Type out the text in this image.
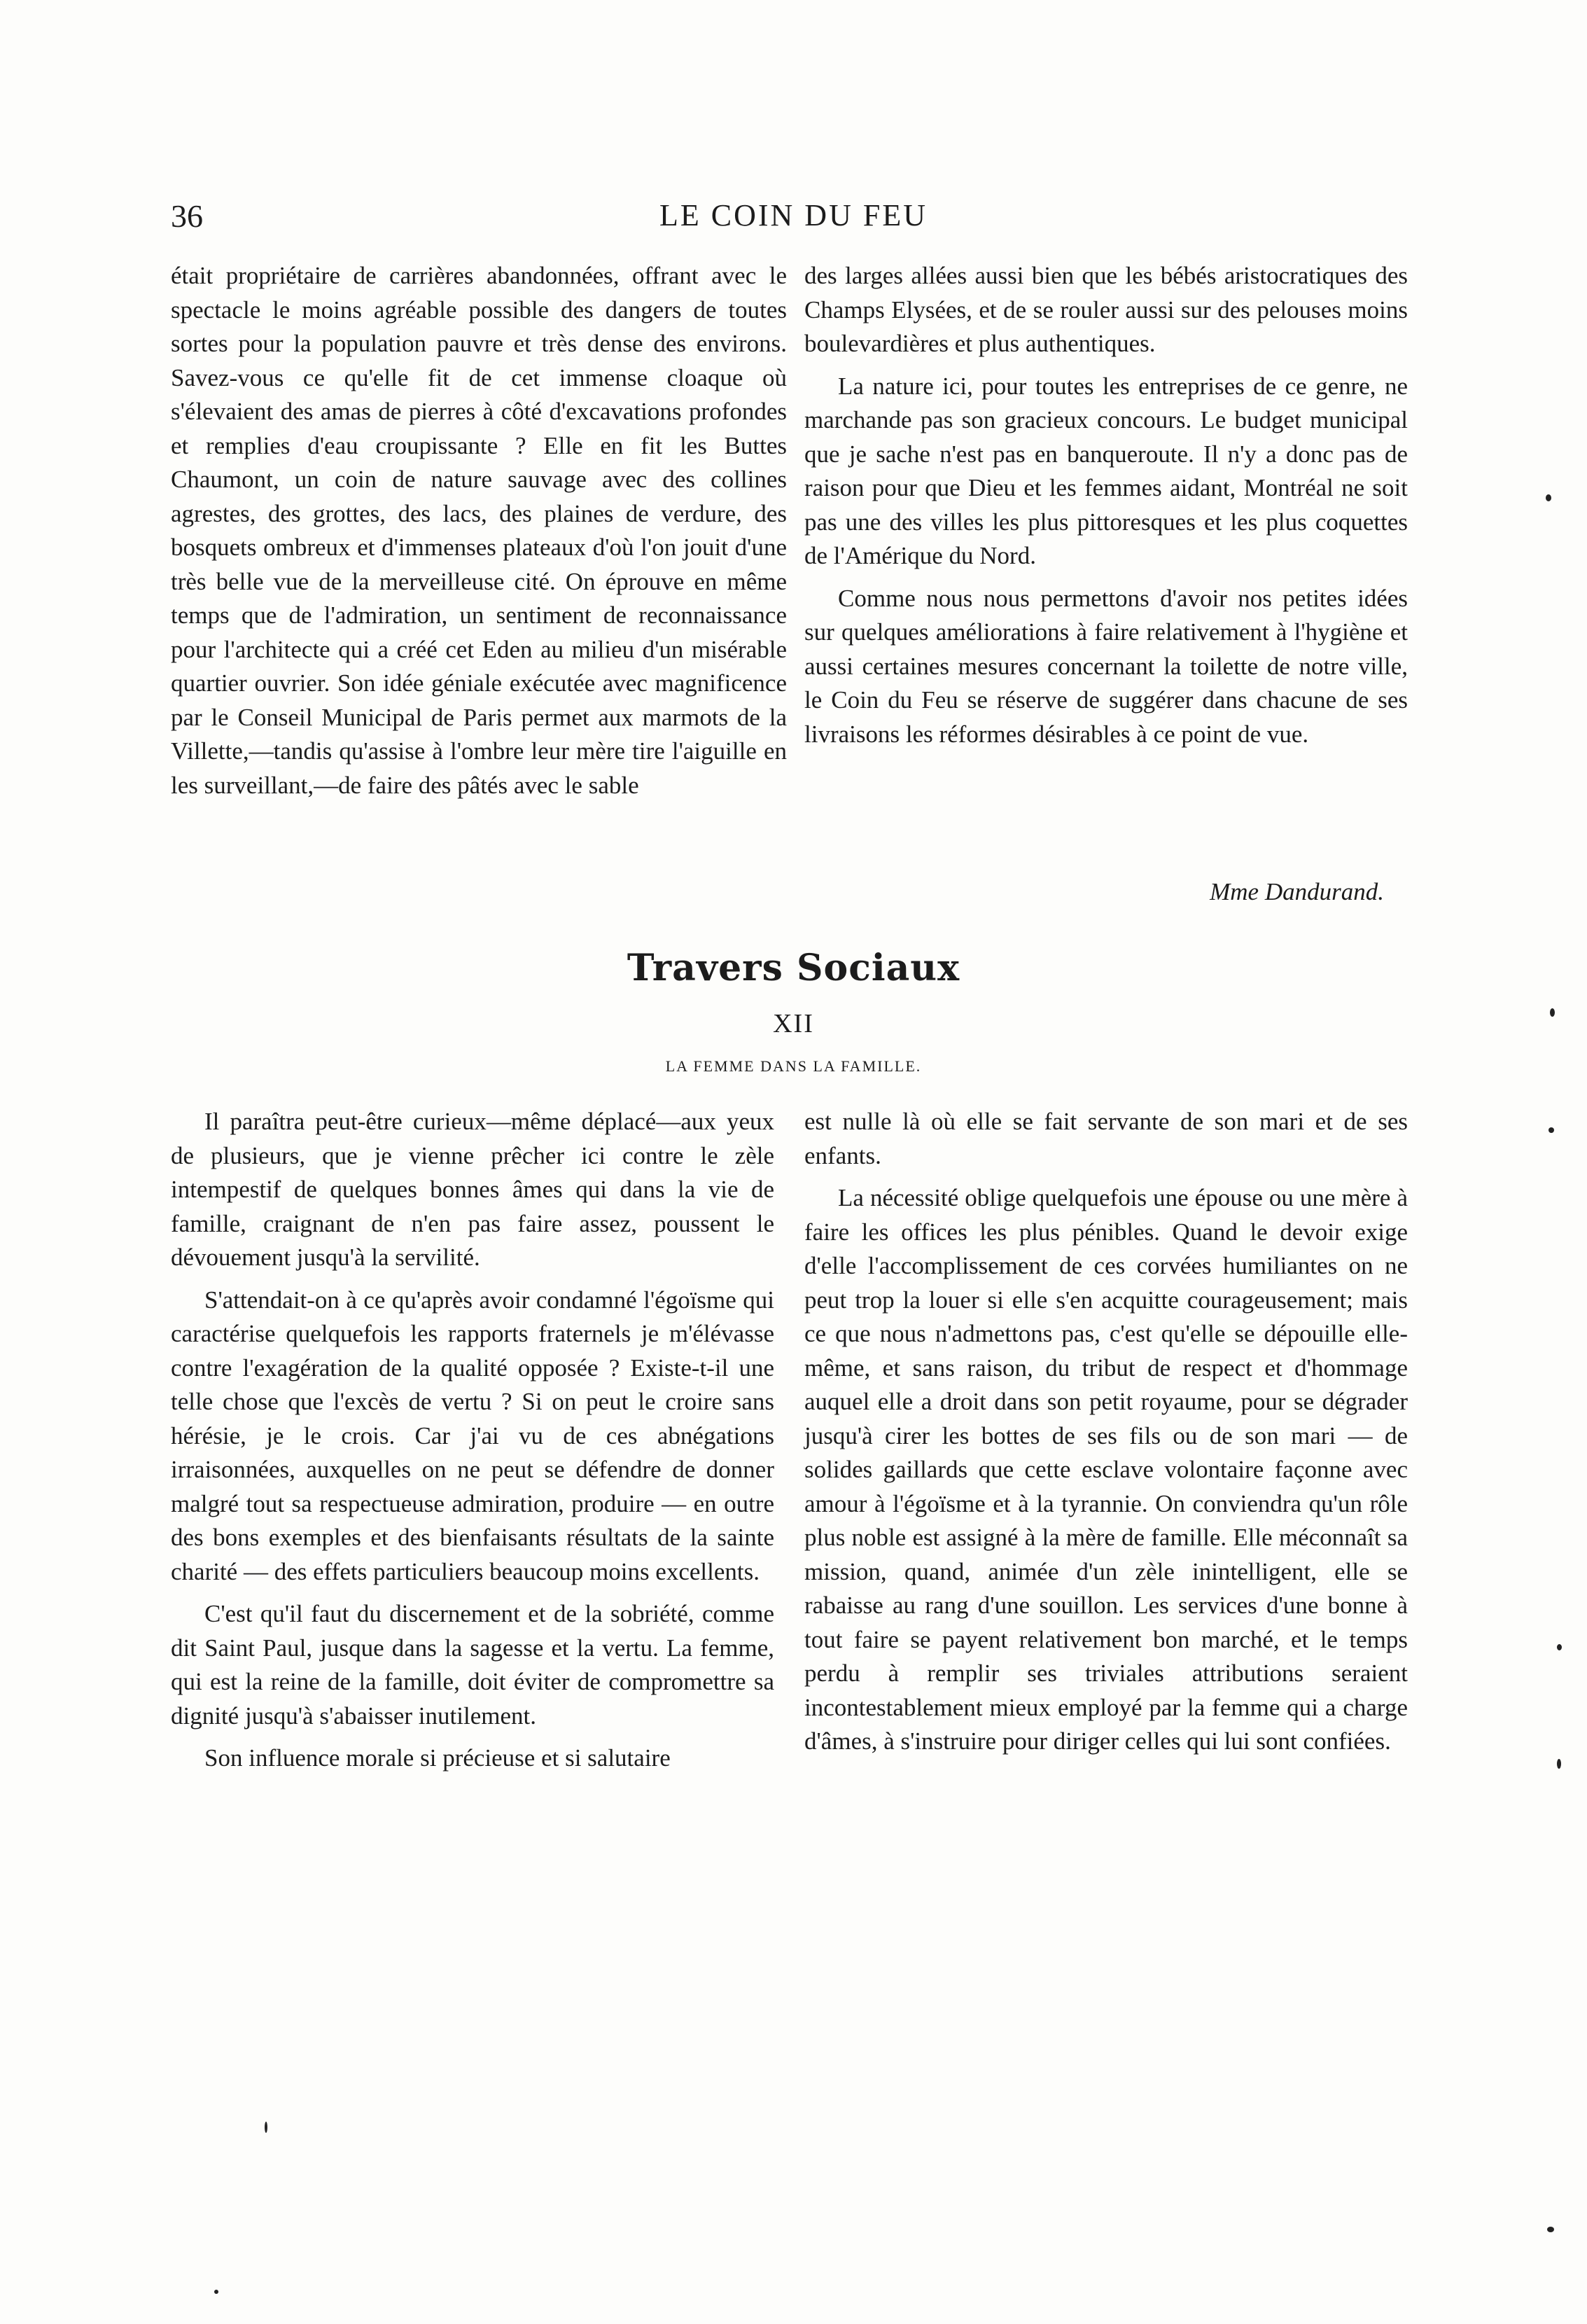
36	LE COIN DU FEU

était propriétaire de carrières abandonnées, offrant avec le spectacle le moins agréable possible des dangers de toutes sortes pour la population pauvre et très dense des environs. Savez-vous ce qu'elle fit de cet immense cloaque où s'élevaient des amas de pierres à côté d'excavations profondes et remplies d'eau croupissante ? Elle en fit les Buttes Chaumont, un coin de nature sauvage avec des collines agrestes, des grottes, des lacs, des plaines de verdure, des bosquets ombreux et d'immenses plateaux d'où l'on jouit d'une très belle vue de la merveilleuse cité. On éprouve en même temps que de l'admiration, un sentiment de reconnaissance pour l'architecte qui a créé cet Eden au milieu d'un misérable quartier ouvrier. Son idée géniale exécutée avec magnificence par le Conseil Municipal de Paris permet aux marmots de la Villette,—tandis qu'assise à l'ombre leur mère tire l'aiguille en les surveillant,—de faire des pâtés avec le sable

des larges allées aussi bien que les bébés aristocratiques des Champs Elysées, et de se rouler aussi sur des pelouses moins boulevardières et plus authentiques.

La nature ici, pour toutes les entreprises de ce genre, ne marchande pas son gracieux concours. Le budget municipal que je sache n'est pas en banqueroute. Il n'y a donc pas de raison pour que Dieu et les femmes aidant, Montréal ne soit pas une des villes les plus pittoresques et les plus coquettes de l'Amérique du Nord.

Comme nous nous permettons d'avoir nos petites idées sur quelques améliorations à faire relativement à l'hygiène et aussi certaines mesures concernant la toilette de notre ville, le Coin du Feu se réserve de suggérer dans chacune de ses livraisons les réformes désirables à ce point de vue.

Mme Dandurand.
Travers Sociaux
XII
LA FEMME DANS LA FAMILLE.

Il paraîtra peut-être curieux—même déplacé—aux yeux de plusieurs, que je vienne prêcher ici contre le zèle intempestif de quelques bonnes âmes qui dans la vie de famille, craignant de n'en pas faire assez, poussent le dévouement jusqu'à la servilité.

S'attendait-on à ce qu'après avoir condamné l'égoïsme qui caractérise quelquefois les rapports fraternels je m'élévasse contre l'exagération de la qualité opposée ? Existe-t-il une telle chose que l'excès de vertu ? Si on peut le croire sans hérésie, je le crois. Car j'ai vu de ces abnégations irraisonnées, auxquelles on ne peut se défendre de donner malgré tout sa respectueuse admiration, produire — en outre des bons exemples et des bienfaisants résultats de la sainte charité — des effets particuliers beaucoup moins excellents.

C'est qu'il faut du discernement et de la sobriété, comme dit Saint Paul, jusque dans la sagesse et la vertu. La femme, qui est la reine de la famille, doit éviter de compromettre sa dignité jusqu'à s'abaisser inutilement.

Son influence morale si précieuse et si salutaire

est nulle là où elle se fait servante de son mari et de ses enfants.

La nécessité oblige quelquefois une épouse ou une mère à faire les offices les plus pénibles. Quand le devoir exige d'elle l'accomplissement de ces corvées humiliantes on ne peut trop la louer si elle s'en acquitte courageusement; mais ce que nous n'admettons pas, c'est qu'elle se dépouille elle-même, et sans raison, du tribut de respect et d'hommage auquel elle a droit dans son petit royaume, pour se dégrader jusqu'à cirer les bottes de ses fils ou de son mari — de solides gaillards que cette esclave volontaire façonne avec amour à l'égoïsme et à la tyrannie. On conviendra qu'un rôle plus noble est assigné à la mère de famille. Elle méconnaît sa mission, quand, animée d'un zèle inintelligent, elle se rabaisse au rang d'une souillon. Les services d'une bonne à tout faire se payent relativement bon marché, et le temps perdu à remplir ses triviales attributions seraient incontestablement mieux employé par la femme qui a charge d'âmes, à s'instruire pour diriger celles qui lui sont confiées.
